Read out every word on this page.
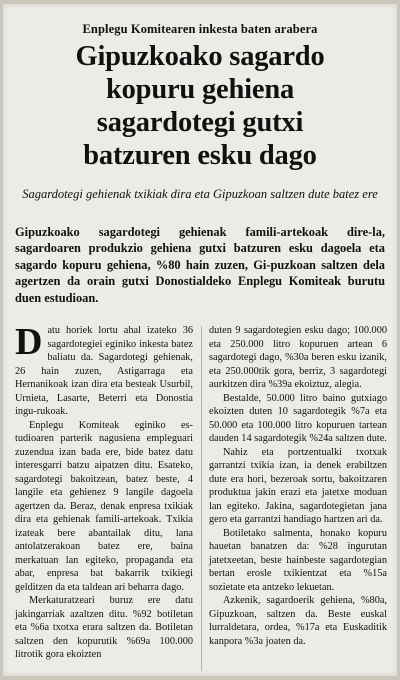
Enplegu Komitearen inkesta baten arabera
Gipuzkoako sagardo
kopuru gehiena
sagardotegi gutxi
batzuren esku dago
Sagardotegi gehienak txikiak dira eta Gipuzkoan saltzen dute batez ere
Gipuzkoako sagardotegi gehienak famili-artekoak dire-la, sagardoaren produkzio gehiena gutxi batzuren esku dagoela eta sagardo kopuru gehiena, %80 hain zuzen, Gi-puzkoan saltzen dela agertzen da orain gutxi Donostialdeko Enplegu Komiteak burutu duen estudioan.

Datu horiek lortu ahal izateko 36 sagardotegiei eginiko inkesta batez baliatu da. Sagardotegi gehienak, 26 hain zuzen, Astigarraga eta Hernanikoak izan dira eta besteak Usurbil, Urnieta, Lasarte, Beterri eta Donostia ingu-rukoak.

Enplegu Komiteak eginiko es-tudioaren parterik nagusiena empleguari zuzendua izan bada ere, bide batez datu interesgarri batzu aipatzen ditu. Esateko, sagardotegi bakoitzean, batez beste, 4 langile eta gehienez 9 langile dagoela agertzen da. Beraz, denak enpresa txikiak dira eta gehienak famili-artekoak. Txikia izateak bere abantailak ditu, lana antolatzerakoan batez ere, baina merkatuan lan egiteko, propaganda eta abar, enpresa bat bakarrik txikiegi gelditzen da eta taldean ari beharra dago.

Merkaturatzeari buruz ere datu jakingarriak azaltzen ditu. %92 botiletan eta %6a txotxa erara saltzen da. Botiletan saltzen den kopurutik %69a 100.000 litrotik gora ekoizten

duten 9 sagardotegien esku dago; 100.000 eta 250.000 litro kopuruen artean 6 sagardotegi dago, %30a beren esku izanik, eta 250.000tik gora, berriz, 3 sagardotegi aurkitzen dira %39a ekoiztuz, alegia.

Bestalde, 50.000 litro baino gutxiago ekoizten duten 10 sagardotegik %7a eta 50.000 eta 100.000 litro kopuruen tartean dauden 14 sagardotegik %24a saltzen dute.

Nahiz eta portzentualki txotxak garrantzi txikia izan, ia denek erabiltzen dute era hori, bezeroak sortu, bakoitzaren produktua jakin erazi eta jatetxe moduan lan egiteko. Jakina, sagardotegietan jana gero eta garrantzi handiago hartzen ari da.

Botiletako salmenta, honako kopuru hauetan banatzen da: %28 ingurutan jatetxeetan, beste hainbeste sagardotegian bertan erosle txikientzat eta %15a sozietate eta antzeko lekuetan.

Azkenik, sagardoerik gehiena, %80a, Gipuzkoan, saltzen da. Beste euskal lurraldetara, ordea, %17a eta Euskaditik kanpora %3a joaten da.
